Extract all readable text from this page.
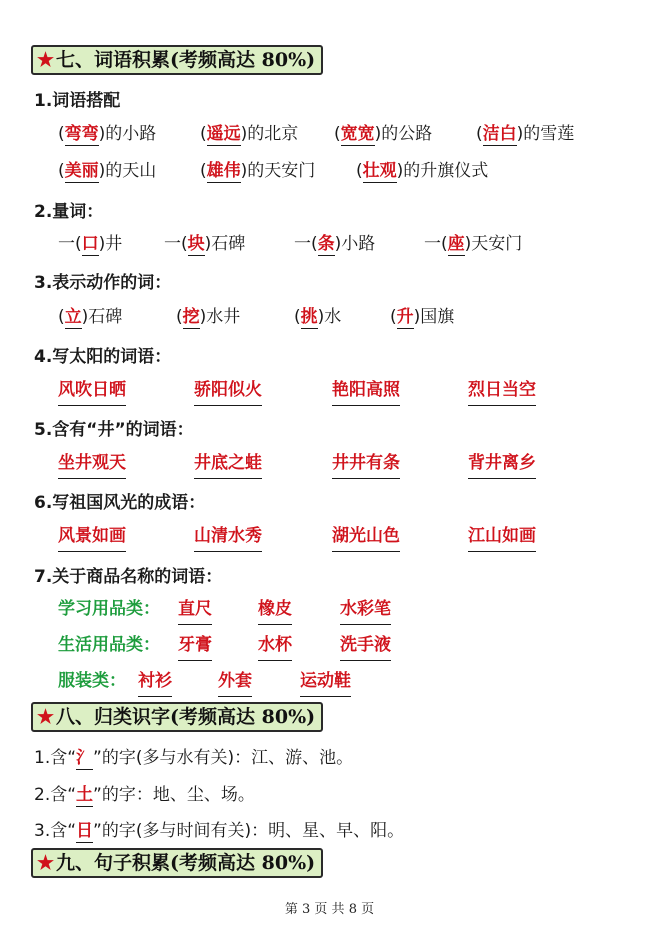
★ 七、词语积累(考频高达 80%)
1.词语搭配
(弯弯)的小路	(遥远)的北京 (宽宽)的公路	(洁白)的雪莲
(美丽)的天山	(雄伟)的天安门 (壮观)的升旗仪式
2.量词：
一(口)井 一(块)石碑	一(条)小路	一(座)天安门
3.表示动作的词：
(立)石碑	(挖)水井	(挑)水	(升)国旗
4.写太阳的词语：
风吹日晒	骄阳似火	艳阳高照	烈日当空
5.含有“井”的词语：
坐井观天	井底之蛙	井井有条	背井离乡
6.写祖国风光的成语：
风景如画	山清水秀	湖光山色	江山如画
7.关于商品名称的词语：
学习用品类： 直尺	橡皮	水彩笔
生活用品类： 牙膏	水杯	洗手液
服装类： 衬衫	外套	运动鞋
★ 八、归类识字(考频高达 80%)
1.含“氵”的字(多与水有关)：江、游、池。
2.含“土”的字：地、尘、场。
3.含“日”的字(多与时间有关)：明、星、早、阳。
★ 九、句子积累(考频高达 80%)
第 3 页 共 8 页
